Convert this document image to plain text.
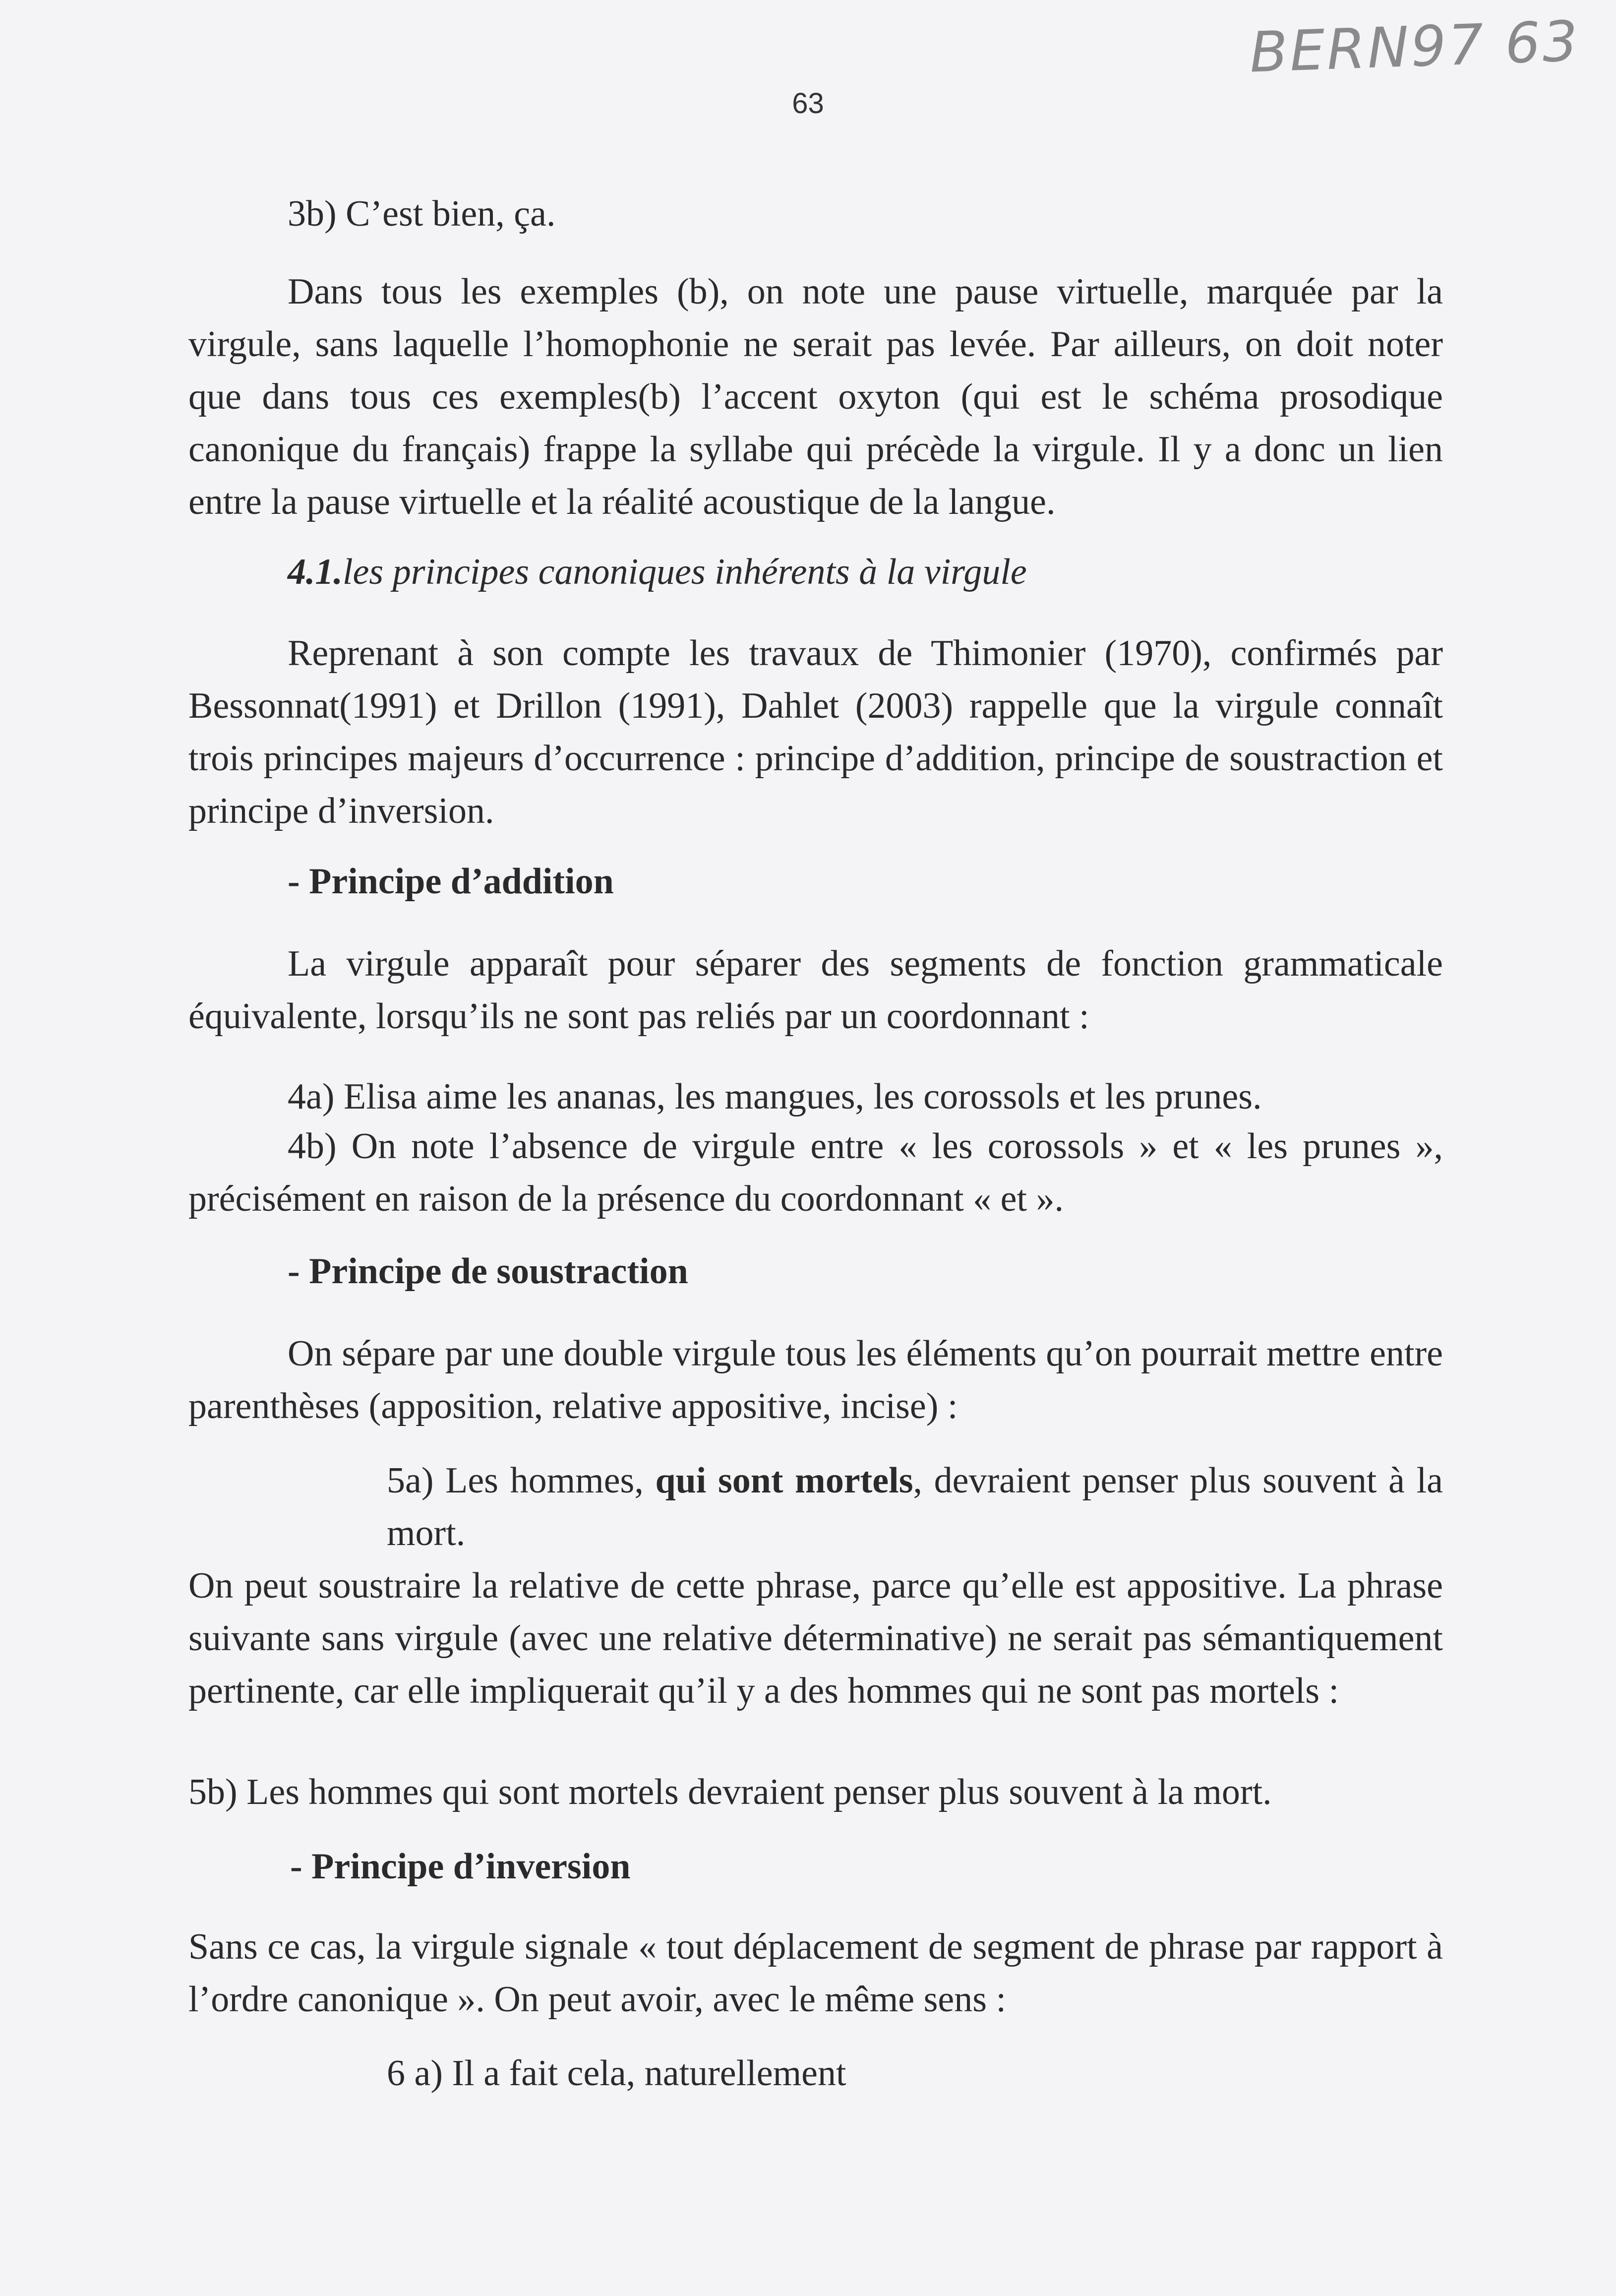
BERN97 63
63

3b) C’est bien, ça.

Dans tous les exemples (b), on note une pause virtuelle, marquée par la virgule, sans laquelle l’homophonie ne serait pas levée. Par ailleurs, on doit noter que dans tous ces exemples(b) l’accent oxyton (qui est le schéma prosodique canonique du français) frappe la syllabe qui précède la virgule. Il y a donc un lien entre la pause virtuelle et la réalité acoustique de la langue.

4.1.les principes canoniques inhérents à la virgule

Reprenant à son compte les travaux de Thimonier (1970), confirmés par Bessonnat(1991) et Drillon (1991), Dahlet (2003) rappelle que la virgule connaît trois principes majeurs d’occurrence : principe d’addition, principe de soustraction et principe d’inversion.

- Principe d’addition

La virgule apparaît pour séparer des segments de fonction grammaticale équivalente, lorsqu’ils ne sont pas reliés par un coordonnant :

4a) Elisa aime les ananas, les mangues, les corossols et les prunes.

4b) On note l’absence de virgule entre « les corossols » et « les prunes », précisément en raison de la présence du coordonnant « et ».

- Principe de soustraction

On sépare par une double virgule tous les éléments qu’on pourrait mettre entre parenthèses (apposition, relative appositive, incise) :

5a) Les hommes, qui sont mortels, devraient penser plus souvent à la mort.

On peut soustraire la relative de cette phrase, parce qu’elle est appositive. La phrase suivante sans virgule (avec une relative déterminative) ne serait pas sémantiquement pertinente, car elle impliquerait qu’il y a des hommes qui ne sont pas mortels :

5b) Les hommes qui sont mortels devraient penser plus souvent à la mort.

- Principe d’inversion

Sans ce cas, la virgule signale « tout déplacement de segment de phrase par rapport à l’ordre canonique ». On peut avoir, avec le même sens :

6 a) Il a fait cela, naturellement
